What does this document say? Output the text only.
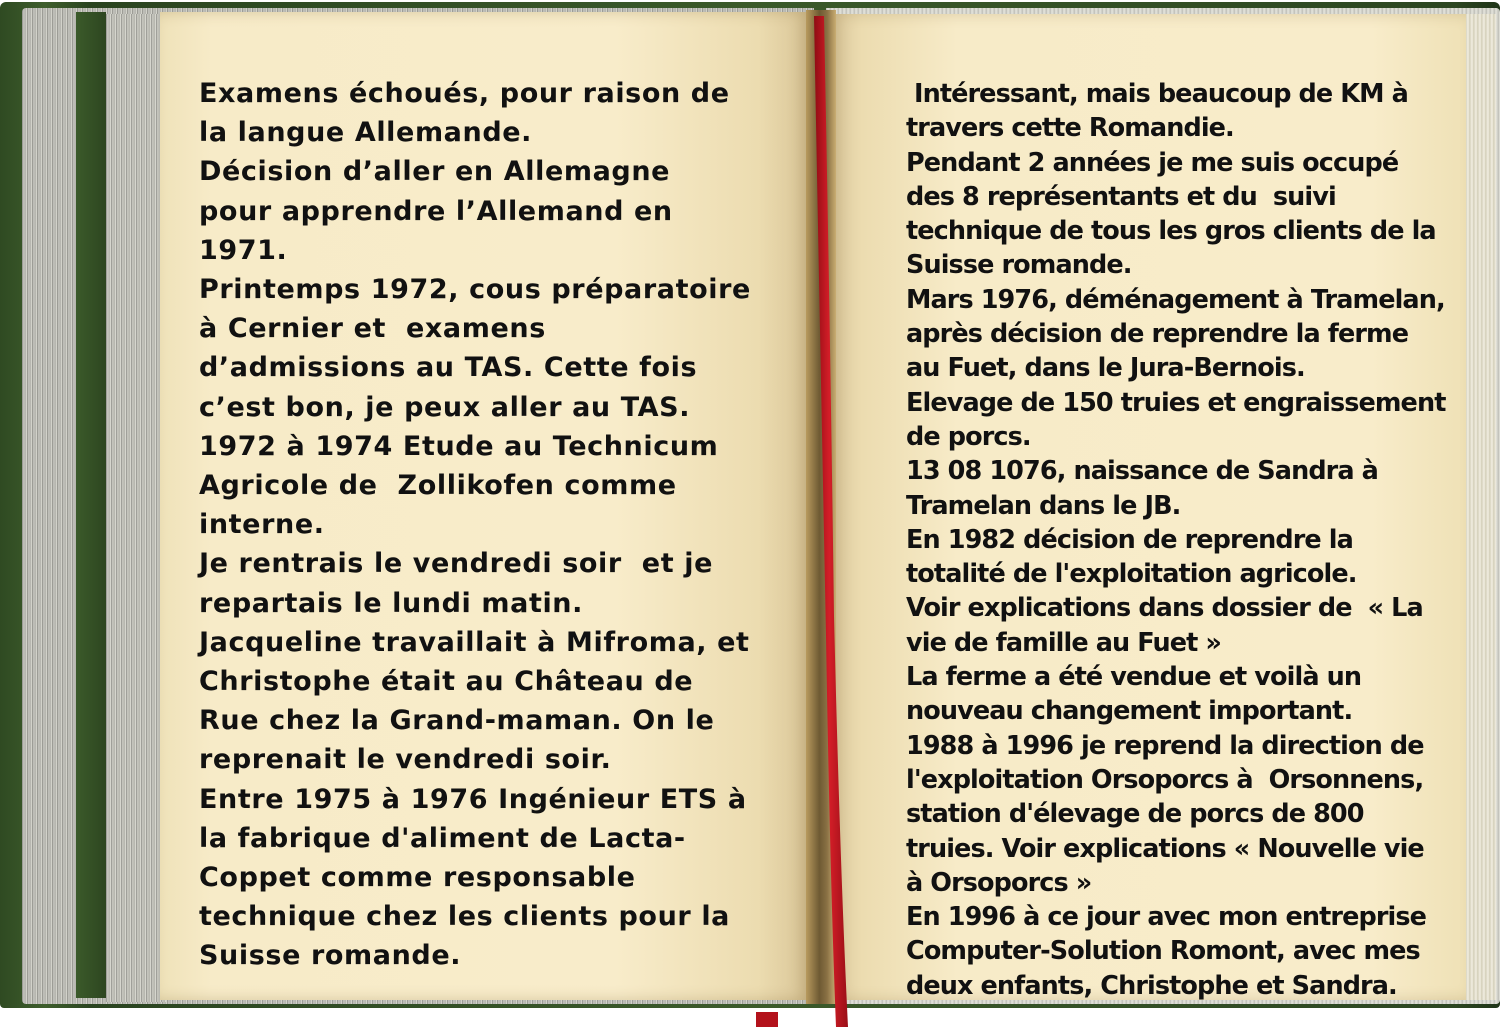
Examens échoués, pour raison de
la langue Allemande.
Décision d’aller en Allemagne
pour apprendre l’Allemand en
1971.
Printemps 1972, cous préparatoire
à Cernier et  examens
d’admissions au TAS. Cette fois
c’est bon, je peux aller au TAS.
1972 à 1974 Etude au Technicum
Agricole de  Zollikofen comme
interne.
Je rentrais le vendredi soir  et je
repartais le lundi matin.
Jacqueline travaillait à Mifroma, et
Christophe était au Château de
Rue chez la Grand-maman. On le
reprenait le vendredi soir.
Entre 1975 à 1976 Ingénieur ETS à
la fabrique d'aliment de Lacta-
Coppet comme responsable
technique chez les clients pour la
Suisse romande.
Intéressant, mais beaucoup de KM à
travers cette Romandie.
Pendant 2 années je me suis occupé
des 8 représentants et du  suivi
technique de tous les gros clients de la
Suisse romande.
Mars 1976, déménagement à Tramelan,
après décision de reprendre la ferme
au Fuet, dans le Jura-Bernois.
Elevage de 150 truies et engraissement
de porcs.
13 08 1076, naissance de Sandra à
Tramelan dans le JB.
En 1982 décision de reprendre la
totalité de l'exploitation agricole.
Voir explications dans dossier de  « La
vie de famille au Fuet »
La ferme a été vendue et voilà un
nouveau changement important.
1988 à 1996 je reprend la direction de
l'exploitation Orsoporcs à  Orsonnens,
station d'élevage de porcs de 800
truies. Voir explications « Nouvelle vie
à Orsoporcs »
En 1996 à ce jour avec mon entreprise
Computer-Solution Romont, avec mes
deux enfants, Christophe et Sandra.
